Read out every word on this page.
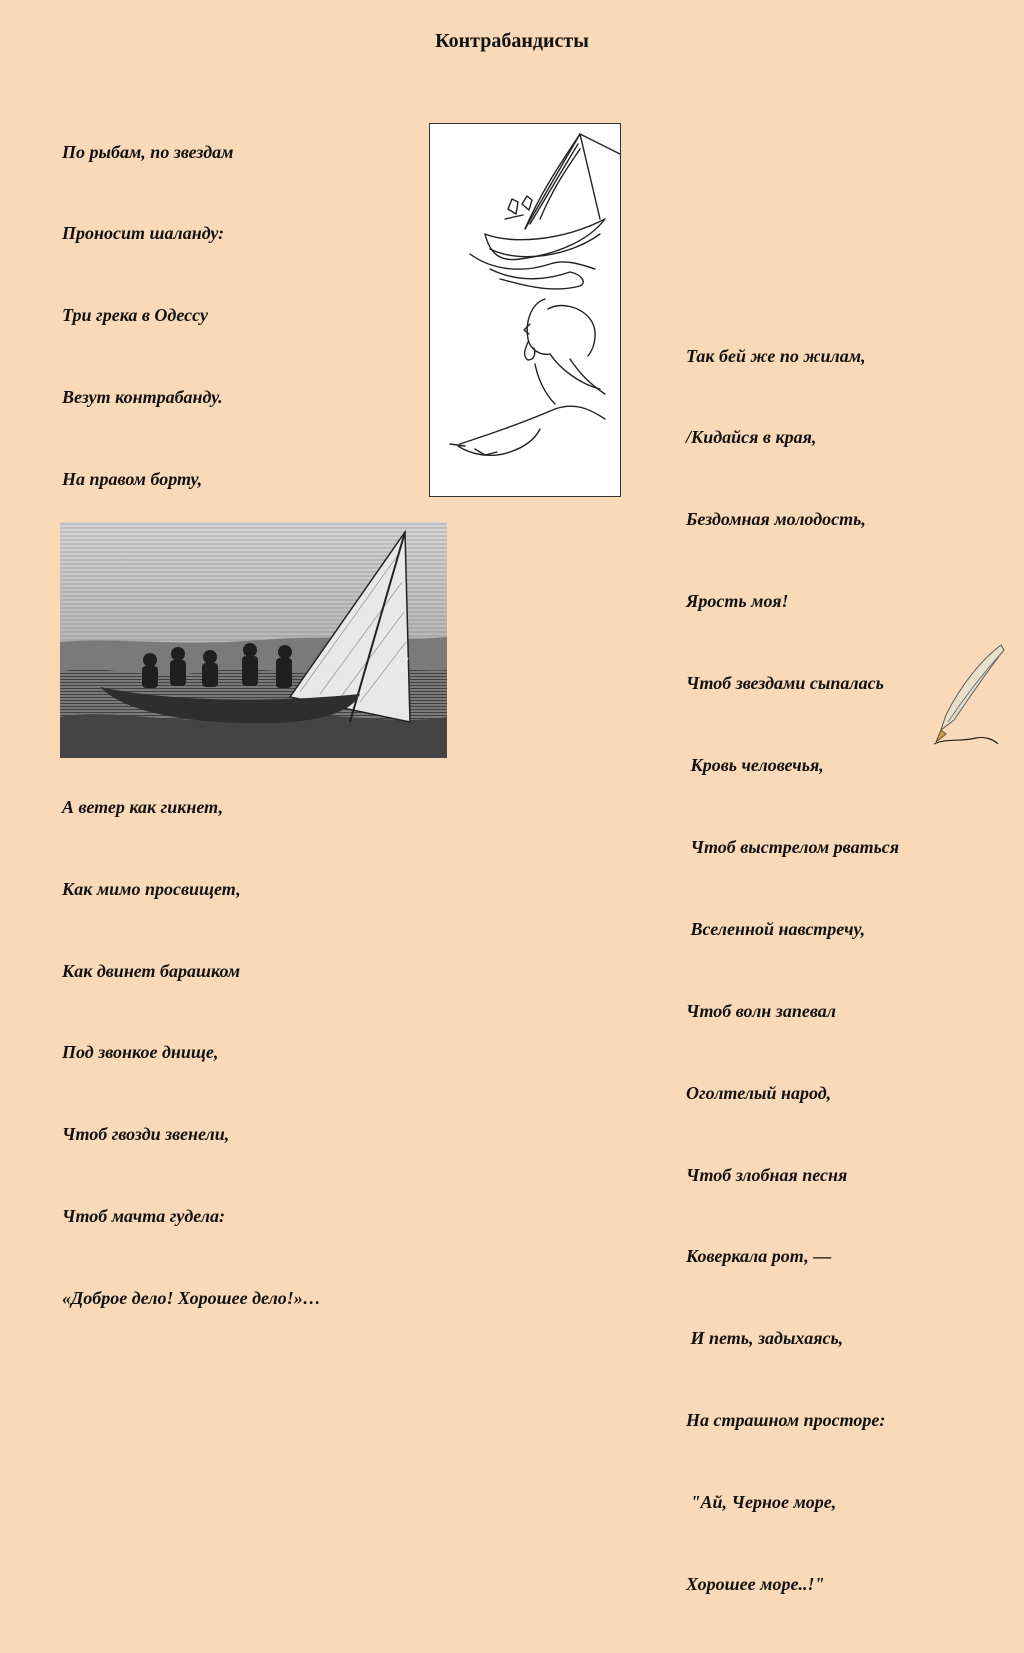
Контрабандисты

По рыбам, по звездам

Проносит шаланду:

Три грека в Одессу

Везут контрабанду.

На правом борту,

А ветер как гикнет,

Как мимо просвищет,

Как двинет барашком

Под звонкое днище,

Чтоб гвозди звенели,

Чтоб мачта гудела:

«Доброе дело! Хорошее дело!»…

Так бей же по жилам,

/Кидайся в края,

Бездомная молодость,

Ярость моя!

Чтоб звездами сыпалась

Кровь человечья,

Чтоб выстрелом рваться

Вселенной навстречу,

Чтоб волн запевал

Оголтелый народ,

Чтоб злобная песня

Коверкала рот, —

И петь, задыхаясь,

На страшном просторе:

"Ай, Черное море,

Хорошее море..!"
